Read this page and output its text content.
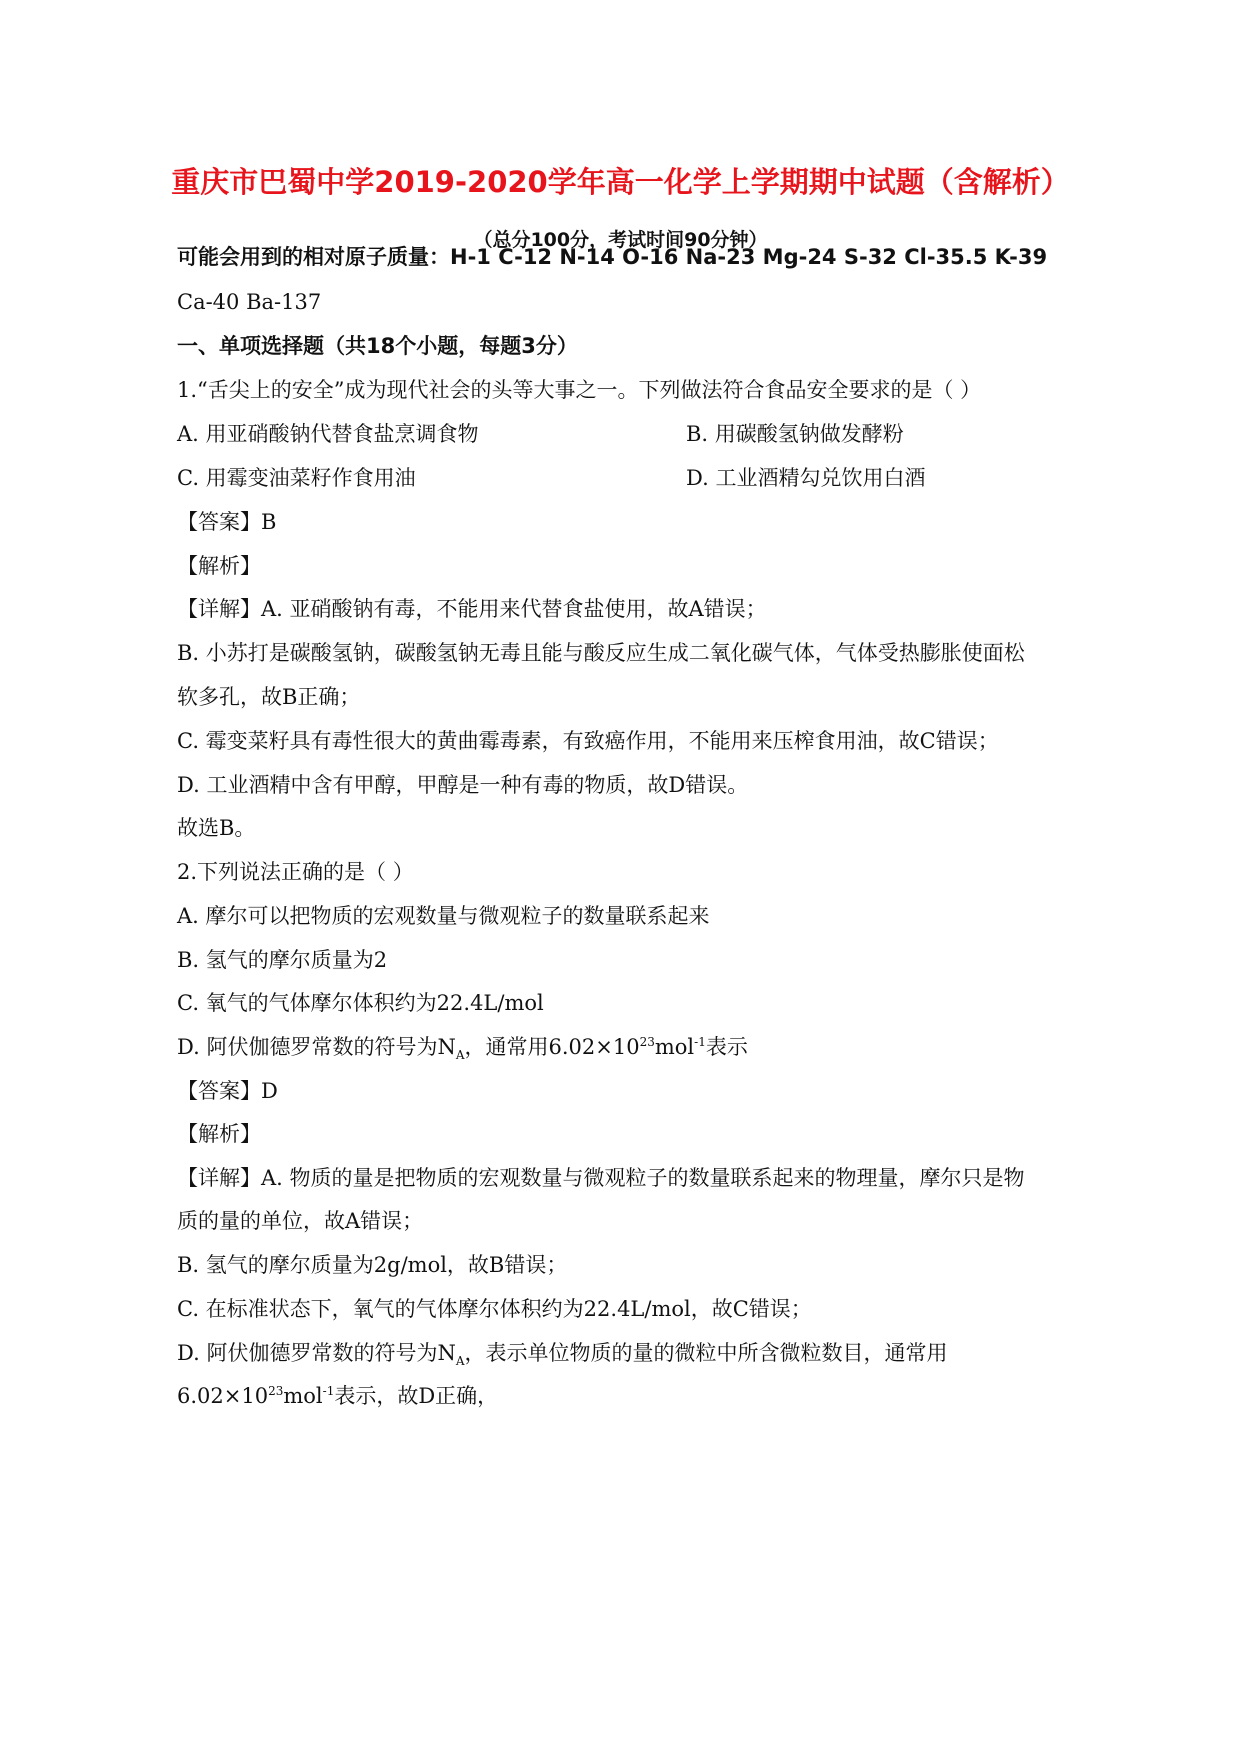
重庆市巴蜀中学2019-2020学年高一化学上学期期中试题（含解析）
（总分100分，考试时间90分钟）
可能会用到的相对原子质量：H-1 C-12 N-14 O-16 Na-23 Mg-24 S-32 Cl-35.5 K-39
Ca-40 Ba-137
一、单项选择题（共18个小题，每题3分）
1.“舌尖上的安全”成为现代社会的头等大事之一。下列做法符合食品安全要求的是（ ）
A. 用亚硝酸钠代替食盐烹调食物	B. 用碳酸氢钠做发酵粉
C. 用霉变油菜籽作食用油	D. 工业酒精勾兑饮用白酒
【答案】B
【解析】
【详解】A. 亚硝酸钠有毒，不能用来代替食盐使用，故A错误；
B. 小苏打是碳酸氢钠，碳酸氢钠无毒且能与酸反应生成二氧化碳气体，气体受热膨胀使面松
软多孔，故B正确；
C. 霉变菜籽具有毒性很大的黄曲霉毒素，有致癌作用，不能用来压榨食用油，故C错误；
D. 工业酒精中含有甲醇，甲醇是一种有毒的物质，故D错误。
故选B。
2.下列说法正确的是（ ）
A. 摩尔可以把物质的宏观数量与微观粒子的数量联系起来
B. 氢气的摩尔质量为2
C. 氧气的气体摩尔体积约为22.4L/mol
D. 阿伏伽德罗常数的符号为$N_A$，通常用$6.02\times 10^{23}mol^{-1}$表示
【答案】D
【解析】
【详解】A. 物质的量是把物质的宏观数量与微观粒子的数量联系起来的物理量，摩尔只是物
质的量的单位，故A错误；
B. 氢气的摩尔质量为2g/mol，故B错误；
C. 在标准状态下，氧气的气体摩尔体积约为22.4L/mol，故C错误；
D. 阿伏伽德罗常数的符号为$N_A$，表示单位物质的量的微粒中所含微粒数目，通常用
$6.02\times 10^{23}mol^{-1}$表示，故D正确，
